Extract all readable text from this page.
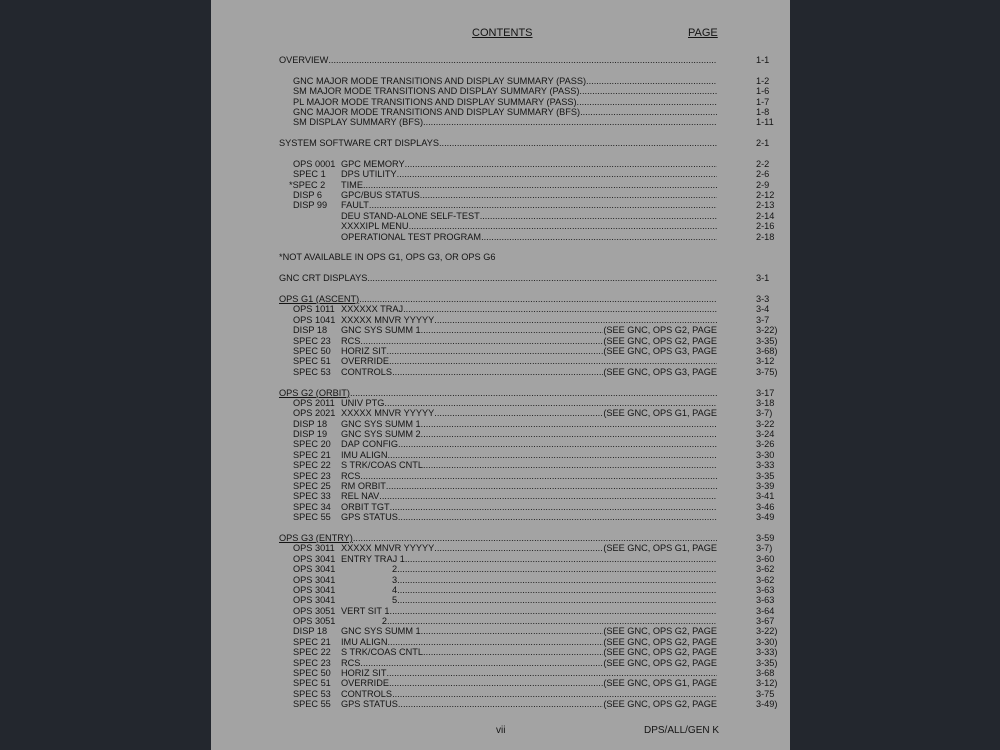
CONTENTS	PAGE
OVERVIEW .....	1-1
GNC MAJOR MODE TRANSITIONS AND DISPLAY SUMMARY (PASS) .....	1-2
SM MAJOR MODE TRANSITIONS AND DISPLAY SUMMARY (PASS) .....	1-6
PL MAJOR MODE TRANSITIONS AND DISPLAY SUMMARY (PASS) .....	1-7
GNC MAJOR MODE TRANSITIONS AND DISPLAY SUMMARY (BFS) .....	1-8
SM DISPLAY SUMMARY (BFS) .....	1-11
SYSTEM SOFTWARE CRT DISPLAYS .....	2-1
OPS 0001 GPC MEMORY .....	2-2
SPEC 1 DPS UTILITY .....	2-6
*SPEC 2 TIME .....	2-9
DISP 6 GPC/BUS STATUS .....	2-12
DISP 99 FAULT .....	2-13
DEU STAND-ALONE SELF-TEST .....	2-14
XXXXIPL MENU .....	2-16
OPERATIONAL TEST PROGRAM .....	2-18
*NOT AVAILABLE IN OPS G1, OPS G3, OR OPS G6
GNC CRT DISPLAYS .....	3-1
OPS G1 (ASCENT) .....	3-3
OPS 1011 XXXXXX TRAJ .....	3-4
OPS 1041 XXXXX MNVR YYYYY .....	3-7
DISP 18 GNC SYS SUMM 1 .....	(SEE GNC, OPS G2, PAGE	3-22)
SPEC 23 RCS .....	(SEE GNC, OPS G2, PAGE	3-35)
SPEC 50 HORIZ SIT .....	(SEE GNC, OPS G3, PAGE	3-68)
SPEC 51 OVERRIDE .....	3-12
SPEC 53 CONTROLS .....	(SEE GNC, OPS G3, PAGE	3-75)
OPS G2 (ORBIT) .....	3-17
OPS 2011 UNIV PTG .....	3-18
OPS 2021 XXXXX MNVR YYYYY .....	(SEE GNC, OPS G1, PAGE	3-7)
DISP 18 GNC SYS SUMM 1 .....	3-22
DISP 19 GNC SYS SUMM 2 .....	3-24
SPEC 20 DAP CONFIG .....	3-26
SPEC 21 IMU ALIGN .....	3-30
SPEC 22 S TRK/COAS CNTL .....	3-33
SPEC 23 RCS .....	3-35
SPEC 25 RM ORBIT .....	3-39
SPEC 33 REL NAV .....	3-41
SPEC 34 ORBIT TGT .....	3-46
SPEC 55 GPS STATUS .....	3-49
OPS G3 (ENTRY) .....	3-59
OPS 3011 XXXXX MNVR YYYYY .....	(SEE GNC, OPS G1, PAGE	3-7)
OPS 3041 ENTRY TRAJ 1 .....	3-60
OPS 3041 2 .....	3-62
OPS 3041 3 .....	3-62
OPS 3041 4 .....	3-63
OPS 3041 5 .....	3-63
OPS 3051 VERT SIT 1 .....	3-64
OPS 3051 2 .....	3-67
DISP 18 GNC SYS SUMM 1 .....	(SEE GNC, OPS G2, PAGE	3-22)
SPEC 21 IMU ALIGN .....	(SEE GNC, OPS G2, PAGE	3-30)
SPEC 22 S TRK/COAS CNTL .....	(SEE GNC, OPS G2, PAGE	3-33)
SPEC 23 RCS .....	(SEE GNC, OPS G2, PAGE	3-35)
SPEC 50 HORIZ SIT .....	3-68
SPEC 51 OVERRIDE .....	(SEE GNC, OPS G1, PAGE	3-12)
SPEC 53 CONTROLS .....	3-75
SPEC 55 GPS STATUS .....	(SEE GNC, OPS G2, PAGE	3-49)
vii	DPS/ALL/GEN K
